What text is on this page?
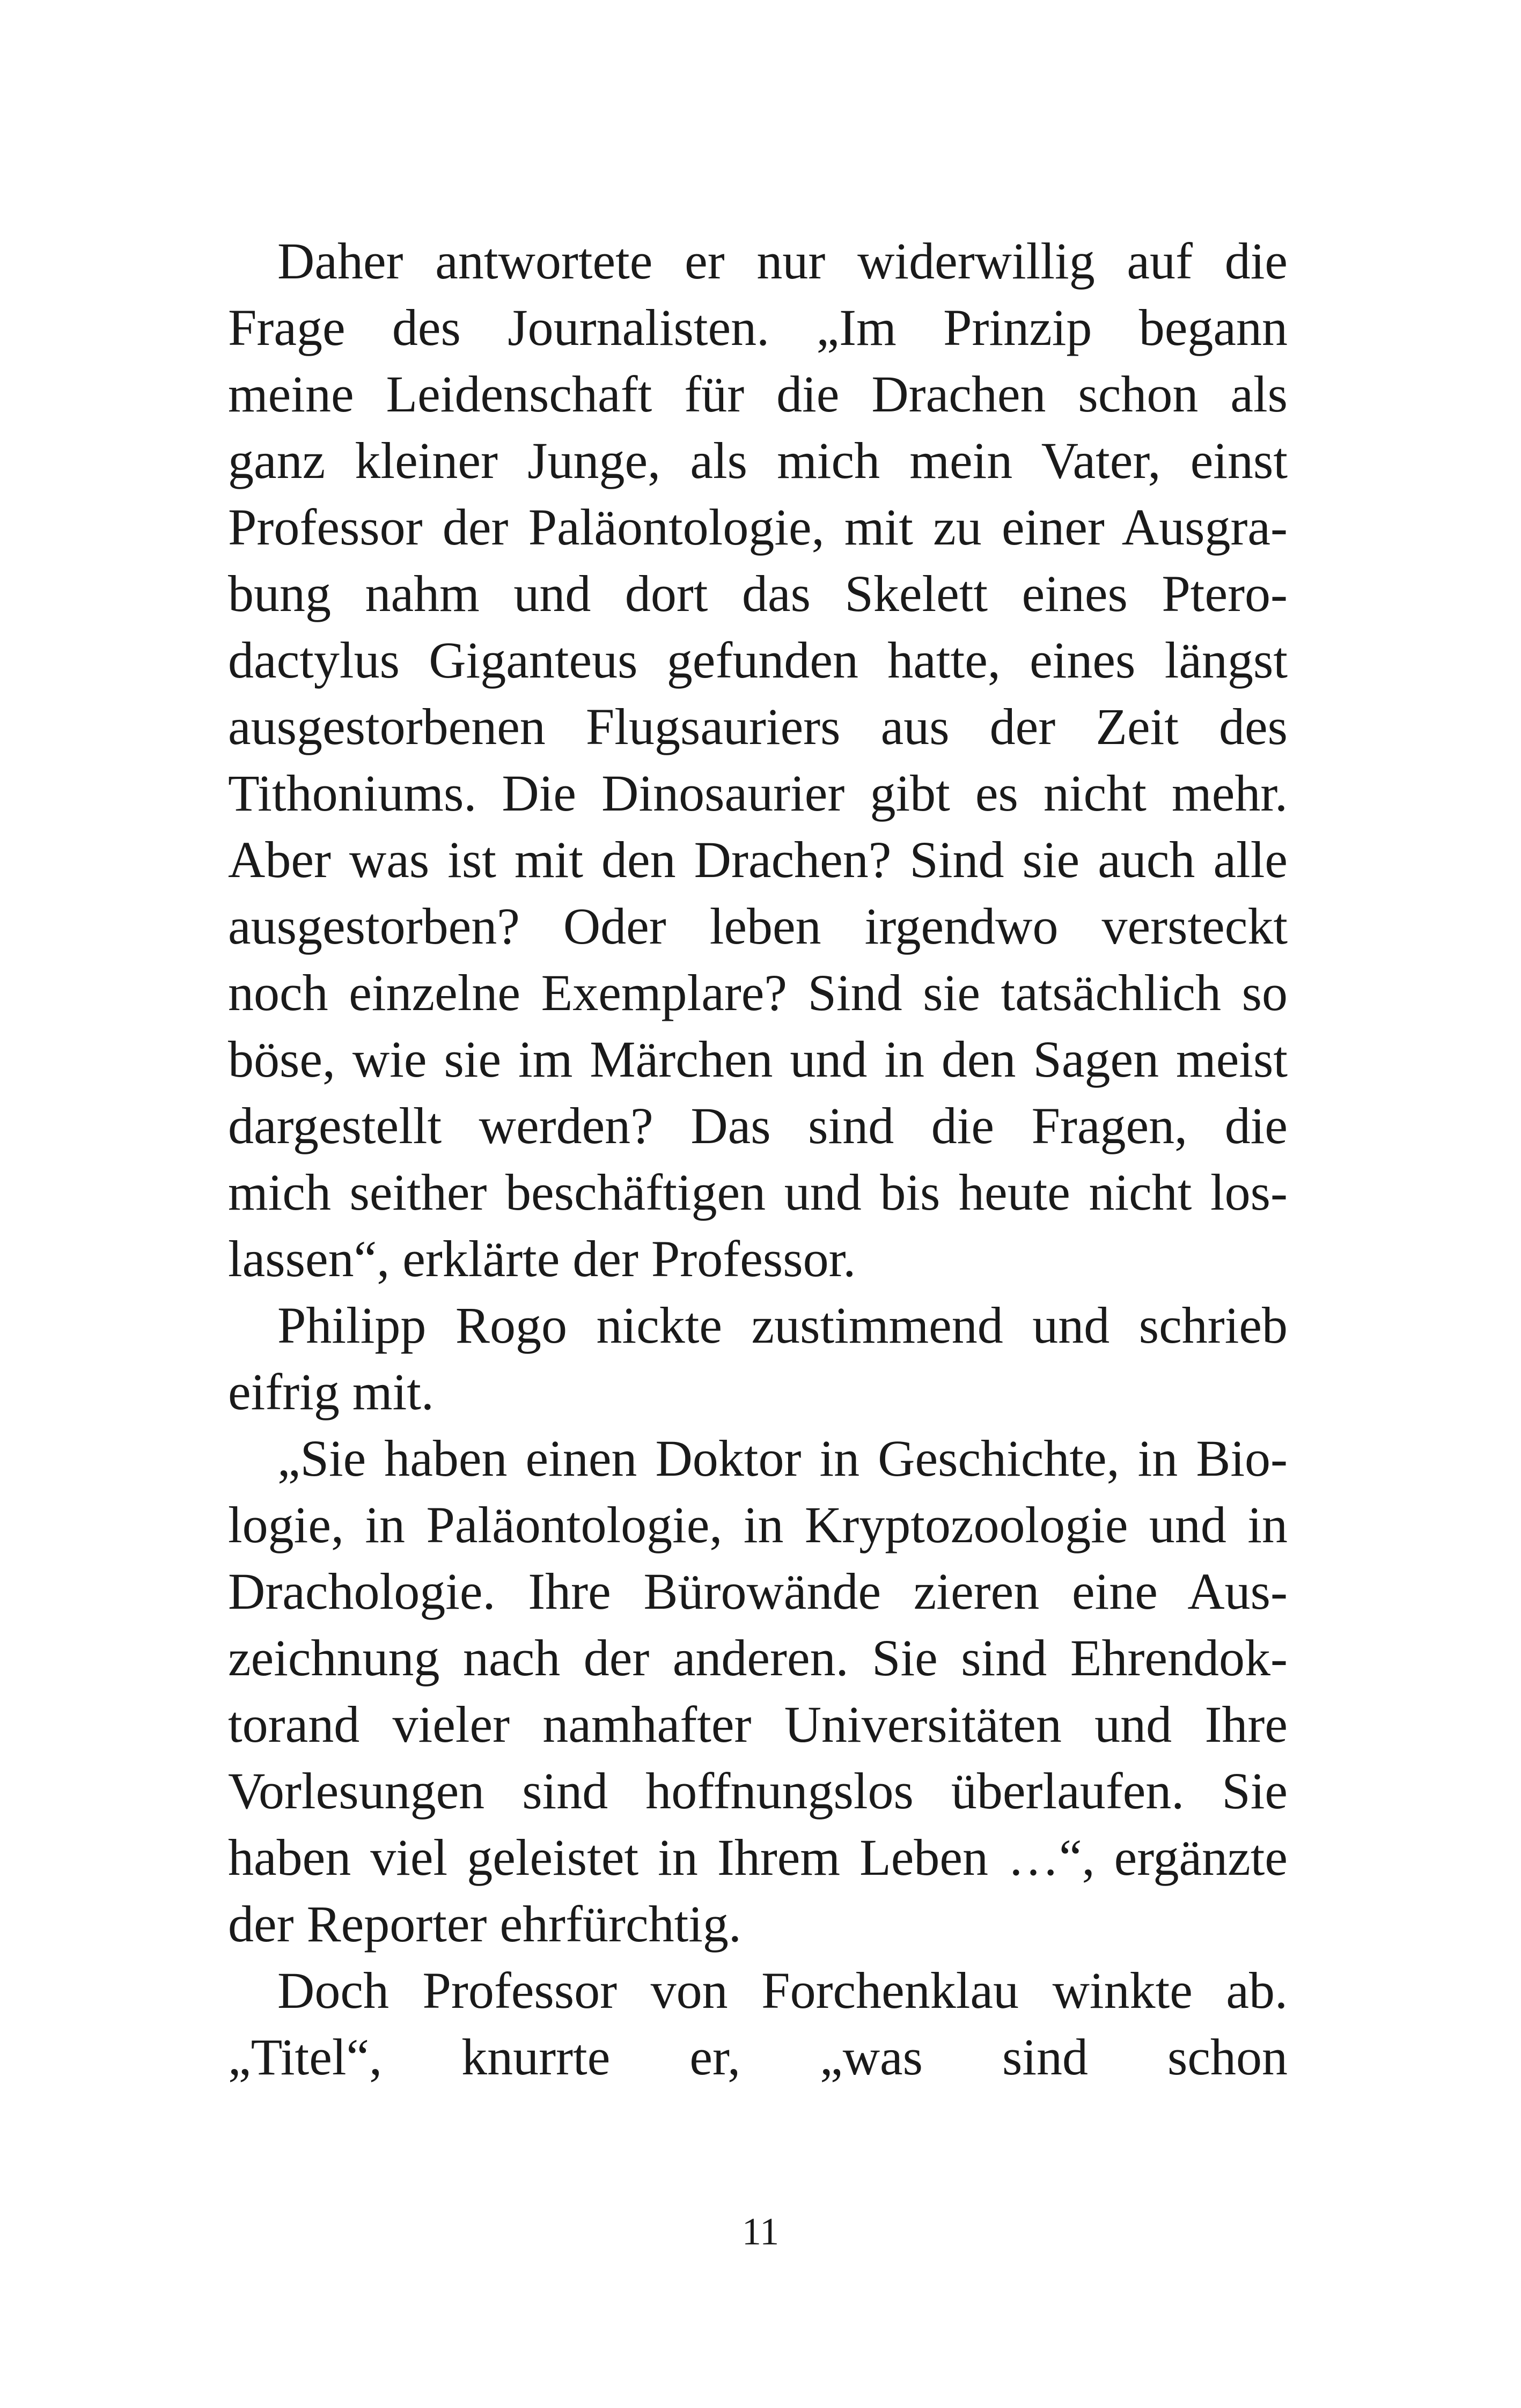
Daher antwortete er nur widerwillig auf die
Frage des Journalisten. „Im Prinzip begann
meine Leidenschaft für die Drachen schon als
ganz kleiner Junge, als mich mein Vater, einst
Professor der Paläontologie, mit zu einer Ausgra-
bung nahm und dort das Skelett eines Ptero-
dactylus Giganteus gefunden hatte, eines längst
ausgestorbenen Flugsauriers aus der Zeit des
Tithoniums. Die Dinosaurier gibt es nicht mehr.
Aber was ist mit den Drachen? Sind sie auch alle
ausgestorben? Oder leben irgendwo versteckt
noch einzelne Exemplare? Sind sie tatsächlich so
böse, wie sie im Märchen und in den Sagen meist
dargestellt werden? Das sind die Fragen, die
mich seither beschäftigen und bis heute nicht los-
lassen“, erklärte der Professor.
Philipp Rogo nickte zustimmend und schrieb
eifrig mit.
„Sie haben einen Doktor in Geschichte, in Bio-
logie, in Paläontologie, in Kryptozoologie und in
Drachologie. Ihre Bürowände zieren eine Aus-
zeichnung nach der anderen. Sie sind Ehrendok-
torand vieler namhafter Universitäten und Ihre
Vorlesungen sind hoffnungslos überlaufen. Sie
haben viel geleistet in Ihrem Leben …“, ergänzte
der Reporter ehrfürchtig.
Doch Professor von Forchenklau winkte ab.
„Titel“, knurrte er, „was sind schon
11
